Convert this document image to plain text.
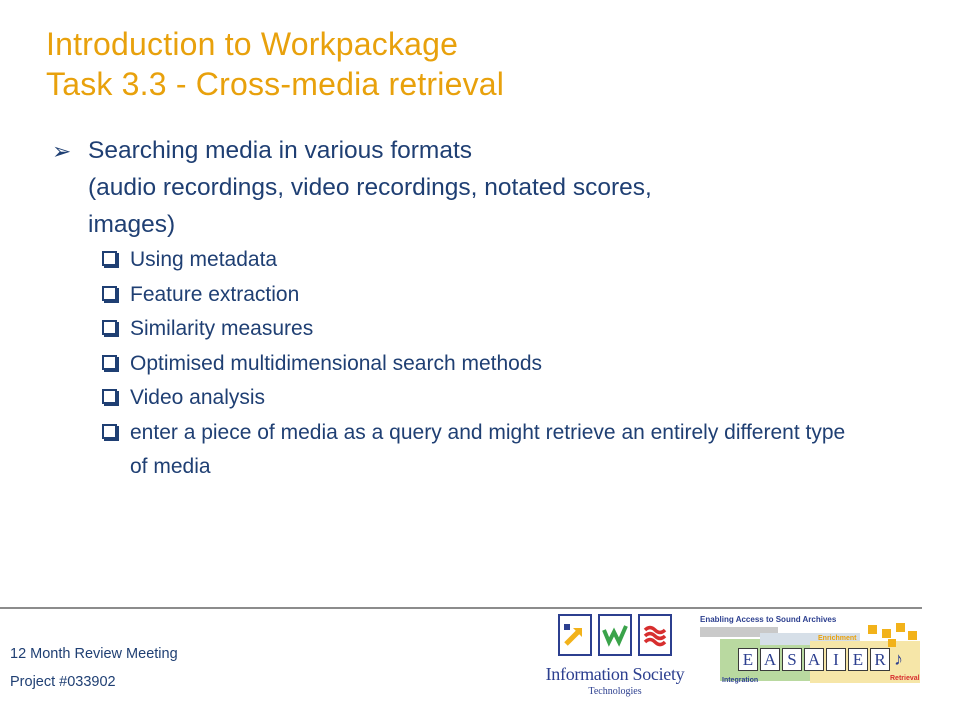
Introduction to Workpackage
Task 3.3 - Cross-media retrieval
➢ Searching media in various formats
(audio recordings, video recordings, notated scores,
images)
Using metadata
Feature extraction
Similarity measures
Optimised multidimensional search methods
Video analysis
enter a piece of media as a query and might retrieve an entirely different type of media
12 Month Review Meeting
Project #033902	Information Society
Technologies
Enabling Access to Sound Archives
Enrichment
E A S A I E R ♪
Integration	Retrieval
